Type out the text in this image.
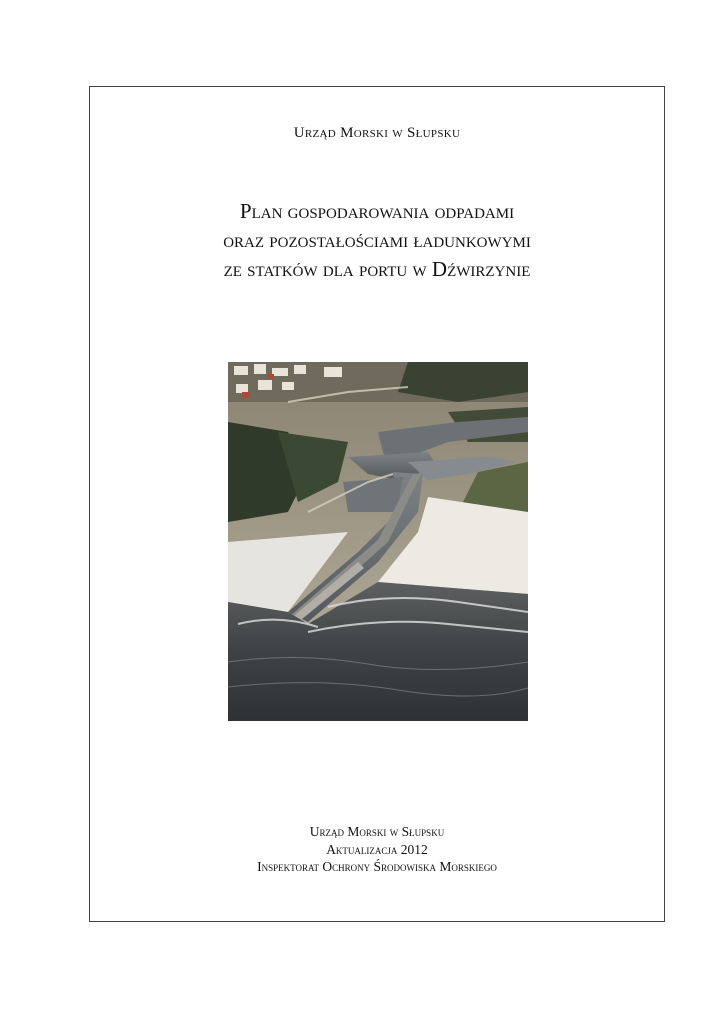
Urząd Morski w Słupsku
Plan gospodarowania odpadami
oraz pozostałościami ładunkowymi
ze statków dla portu w Dźwirzynie
Urząd Morski w Słupsku
Aktualizacja 2012
Inspektorat Ochrony Środowiska Morskiego
